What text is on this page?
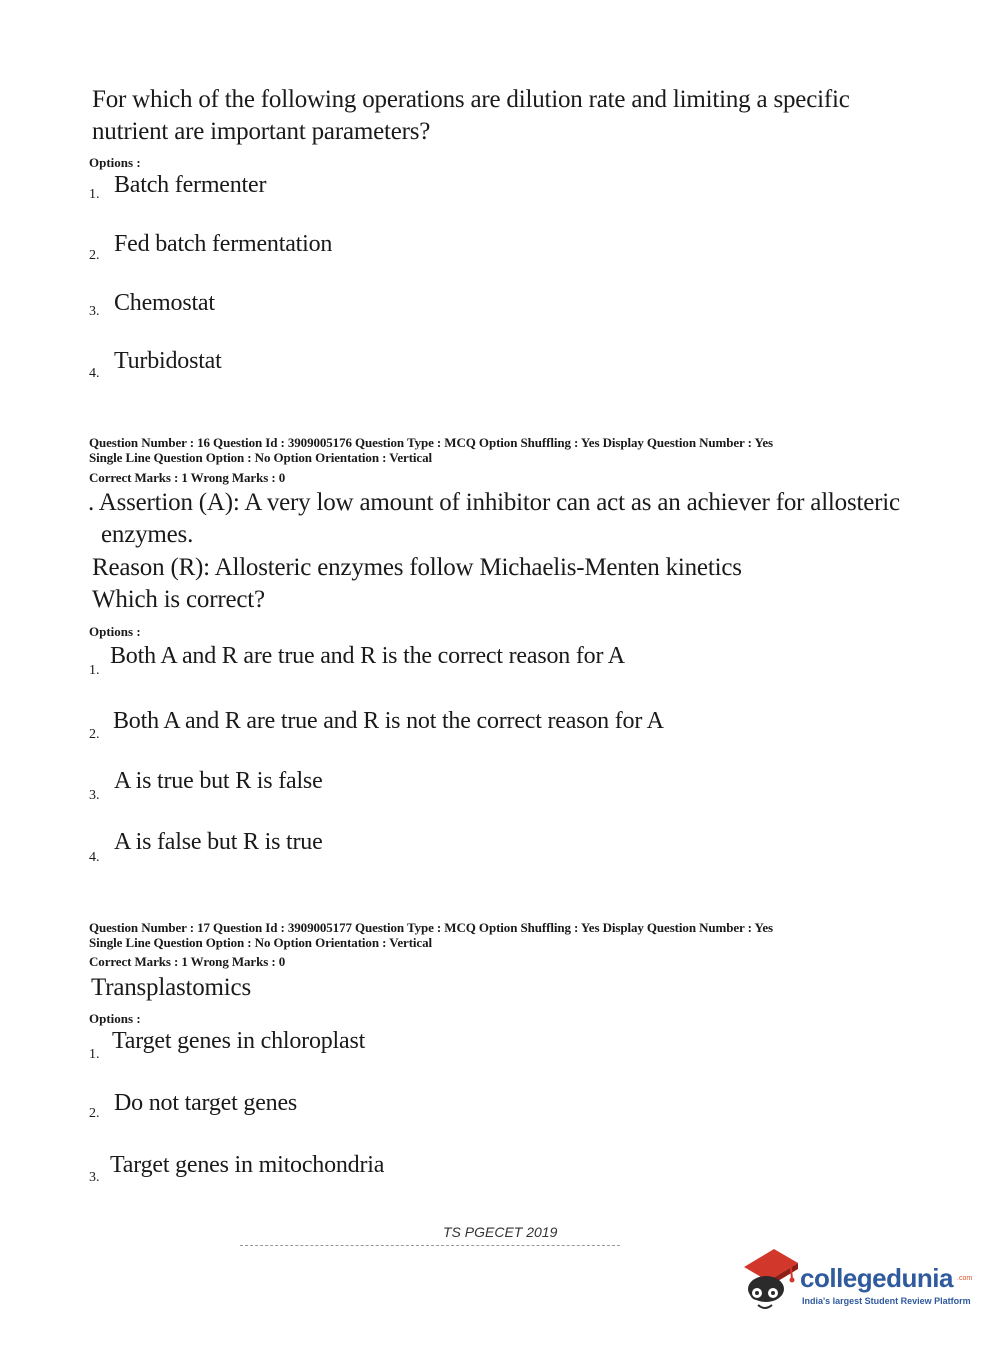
For which of the following operations are dilution rate and limiting a specific
nutrient are important parameters?
Options :
1. Batch fermenter
2. Fed batch fermentation
3. Chemostat
4. Turbidostat
Question Number : 16 Question Id : 3909005176 Question Type : MCQ Option Shuffling : Yes Display Question Number : Yes
Single Line Question Option : No Option Orientation : Vertical
Correct Marks : 1 Wrong Marks : 0
. Assertion (A): A very low amount of inhibitor can act as an achiever for allosteric
enzymes.
Reason (R): Allosteric enzymes follow Michaelis-Menten kinetics
Which is correct?
Options :
1.
Both A and R are true and R is the correct reason for A
2.
Both A and R are true and R is not the correct reason for A
3.
A is true but R is false
4.
A is false but R is true
Question Number : 17 Question Id : 3909005177 Question Type : MCQ Option Shuffling : Yes Display Question Number : Yes
Single Line Question Option : No Option Orientation : Vertical
Correct Marks : 1 Wrong Marks : 0
Transplastomics
Options :
1.
Target genes in chloroplast
2. Do not target genes
3. Target genes in mitochondria
TS PGECET 2019
collegedunia .com
India's largest Student Review Platform
